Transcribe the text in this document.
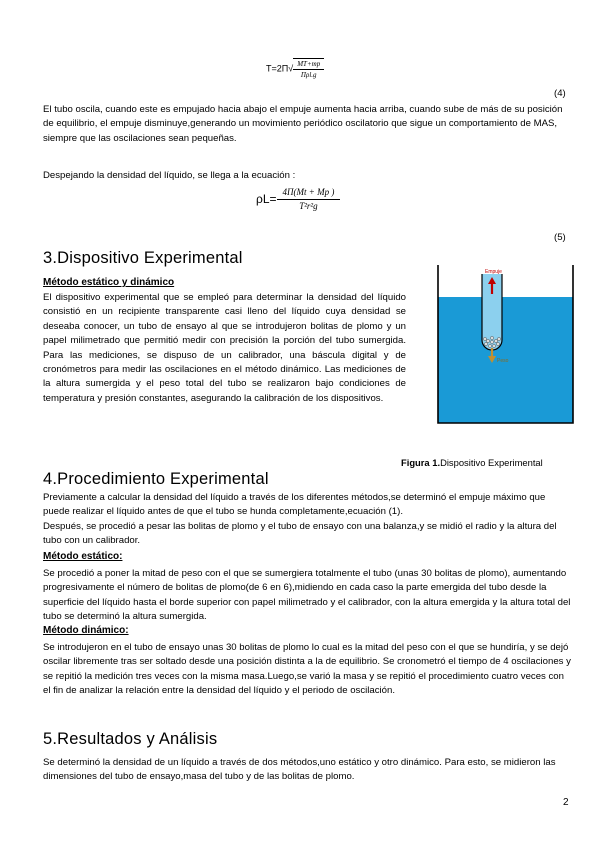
$T=2\Pi√ \frac{MT+mp}{\text{Πρl.g}}$
(4)
El tubo oscila, cuando este es empujado hacia abajo el empuje aumenta hacia arriba, cuando sube de más de su posición de equilibrio, el empuje disminuye,generando un movimiento periódico oscilatorio que sigue un comportamiento de MAS, siempre que las oscilaciones sean pequeñas.
Despejando la densidad del líquido, se llega a la ecuación :
$\rho L= \frac{4\Pi(Mt + Mp )}{\text{T²r²g}}$
(5)
3.Dispositivo Experimental
Método estático y dinámico
El dispositivo experimental que se empleó para determinar la densidad del líquido consistió en un recipiente transparente casi lleno del líquido cuya densidad se deseaba conocer, un tubo de ensayo al que se introdujeron bolitas de plomo y un papel milimetrado que permitió medir con precisión la porción del tubo sumergida. Para las mediciones, se dispuso de un calibrador, una báscula digital y de cronómetros para medir las oscilaciones en el método dinámico. Las mediciones de la altura sumergida y el peso total del tubo se realizaron bajo condiciones de temperatura y presión constantes, asegurando la calibración de los dispositivos.
Empuje
Peso
Figura 1.Dispositivo Experimental
4.Procedimiento Experimental
Previamente a calcular la densidad del líquido a través de los diferentes métodos,se determinó el empuje máximo que puede realizar el líquido antes de que el tubo se hunda completamente,ecuación (1).
Después, se procedió a pesar las bolitas de plomo y el tubo de ensayo con una balanza,y se midió el radio y la altura del tubo con un calibrador.
Método estático:
Se procedió a poner la mitad de peso con el que se sumergiera totalmente el tubo (unas 30 bolitas de plomo), aumentando progresivamente el número de bolitas de plomo(de 6 en 6),midiendo en cada caso la parte emergida del tubo desde la superficie del líquido hasta el borde superior con papel milimetrado y el calibrador, con la altura emergida y la altura total del tubo se determinó la altura sumergida.
Método dinámico:
Se introdujeron en el tubo de ensayo unas 30 bolitas de plomo lo cual es la mitad del peso con el que se hundiría, y se dejó oscilar libremente tras ser soltado desde una posición distinta a la de equilibrio. Se cronometró el tiempo de 4 oscilaciones y se repitió la medición tres veces con la misma masa.Luego,se varió la masa y se repitió el procedimiento cuatro veces con el fin de analizar la relación entre la densidad del líquido y el periodo de oscilación.
5.Resultados y Análisis
Se determinó la densidad de un líquido a través de dos métodos,uno estático y otro dinámico. Para esto, se midieron las dimensiones del tubo de ensayo,masa del tubo y de las bolitas de plomo.
2
